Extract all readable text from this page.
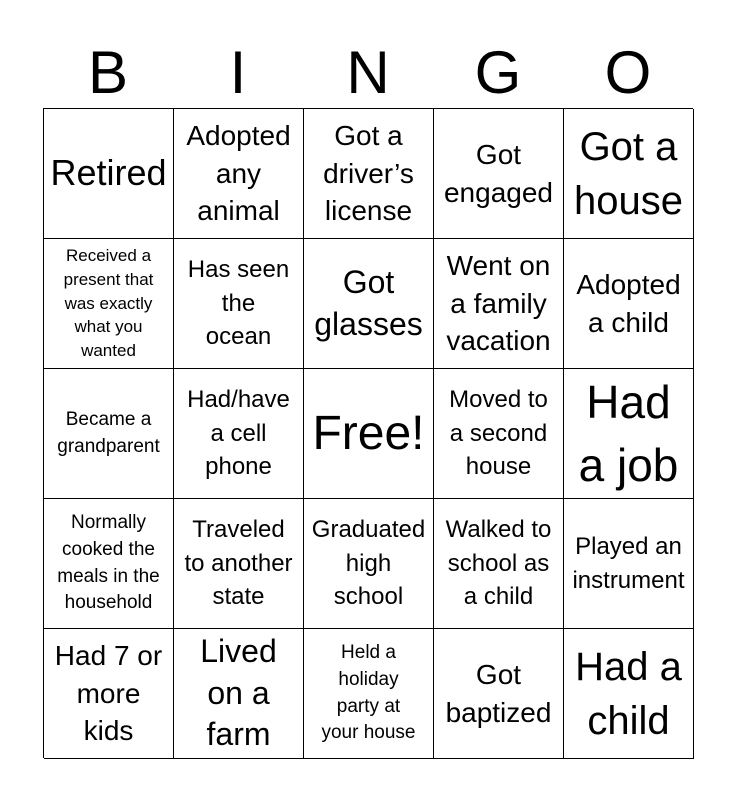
B	I	N	G	O
Retired
Adopted
any
animal
Got a
driver’s
license
Got
engaged
Got a
house
Received a
present that
was exactly
what you
wanted
Has seen
the
ocean
Got
glasses
Went on
a family
vacation
Adopted
a child
Became a
grandparent
Had/have
a cell
phone
Free!
Moved to
a second
house
Had
a job
Normally
cooked the
meals in the
household
Traveled
to another
state
Graduated
high
school
Walked to
school as
a child
Played an
instrument
Had 7 or
more
kids
Lived
on a
farm
Held a
holiday
party at
your house
Got
baptized
Had a
child
